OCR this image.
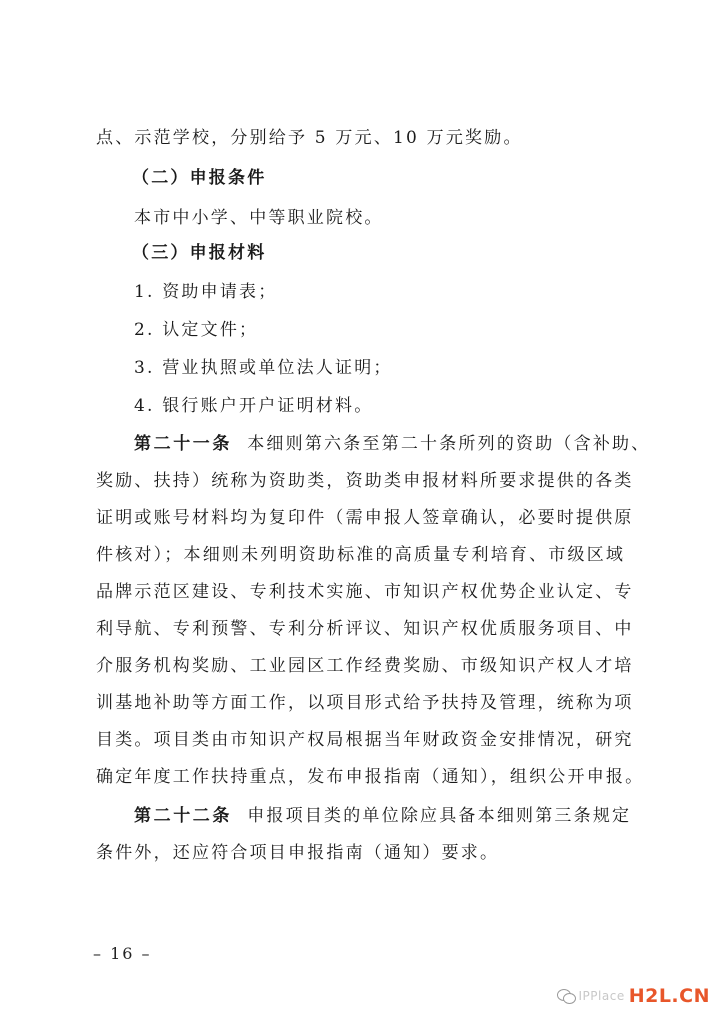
点、示范学校，分别给予 5 万元、10 万元奖励。
（二）申报条件
本市中小学、中等职业院校。
（三）申报材料
1. 资助申请表；
2. 认定文件；
3. 营业执照或单位法人证明；
4. 银行账户开户证明材料。
第二十一条 本细则第六条至第二十条所列的资助（含补助、
奖励、扶持）统称为资助类，资助类申报材料所要求提供的各类
证明或账号材料均为复印件（需申报人签章确认，必要时提供原
件核对）；本细则未列明资助标准的高质量专利培育、市级区域
品牌示范区建设、专利技术实施、市知识产权优势企业认定、专
利导航、专利预警、专利分析评议、知识产权优质服务项目、中
介服务机构奖励、工业园区工作经费奖励、市级知识产权人才培
训基地补助等方面工作，以项目形式给予扶持及管理，统称为项
目类。项目类由市知识产权局根据当年财政资金安排情况，研究
确定年度工作扶持重点，发布申报指南（通知），组织公开申报。
第二十二条 申报项目类的单位除应具备本细则第三条规定
条件外，还应符合项目申报指南（通知）要求。
– 16 –
IPPlace H2L.CN
